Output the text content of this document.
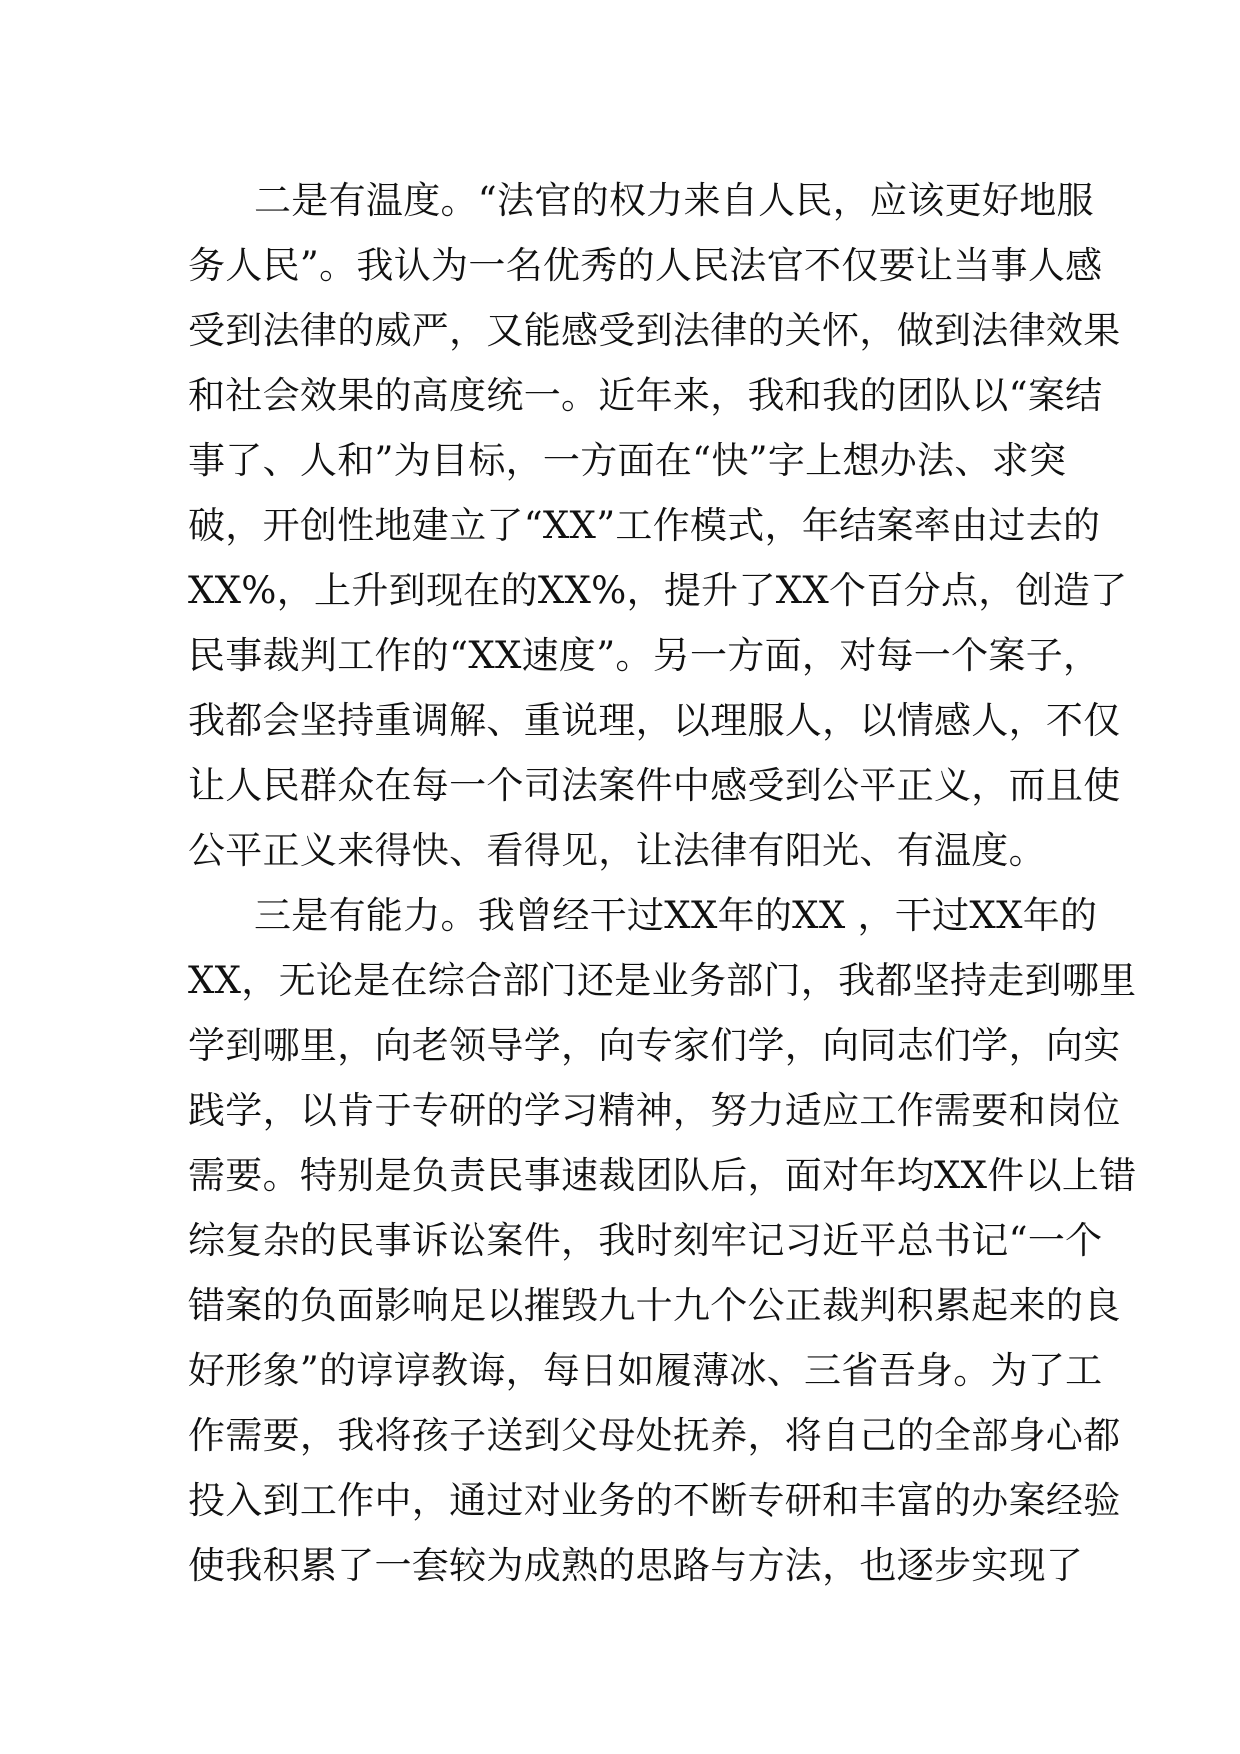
二是有温度。“法官的权力来自人民，应该更好地服
务人民”。我认为一名优秀的人民法官不仅要让当事人感
受到法律的威严，又能感受到法律的关怀，做到法律效果
和社会效果的高度统一。近年来，我和我的团队以“案结
事了、人和”为目标，一方面在“快”字上想办法、求突
破，开创性地建立了“XX”工作模式，年结案率由过去的
XX%，上升到现在的XX%，提升了XX个百分点，创造了
民事裁判工作的“XX速度”。另一方面，对每一个案子，
我都会坚持重调解、重说理，以理服人，以情感人，不仅
让人民群众在每一个司法案件中感受到公平正义，而且使
公平正义来得快、看得见，让法律有阳光、有温度。
三是有能力。我曾经干过XX年的XX ，干过XX年的
XX，无论是在综合部门还是业务部门，我都坚持走到哪里
学到哪里，向老领导学，向专家们学，向同志们学，向实
践学，以肯于专研的学习精神，努力适应工作需要和岗位
需要。特别是负责民事速裁团队后，面对年均XX件以上错
综复杂的民事诉讼案件，我时刻牢记习近平总书记“一个
错案的负面影响足以摧毁九十九个公正裁判积累起来的良
好形象”的谆谆教诲，每日如履薄冰、三省吾身。为了工
作需要，我将孩子送到父母处抚养，将自己的全部身心都
投入到工作中，通过对业务的不断专研和丰富的办案经验
使我积累了一套较为成熟的思路与方法，也逐步实现了
